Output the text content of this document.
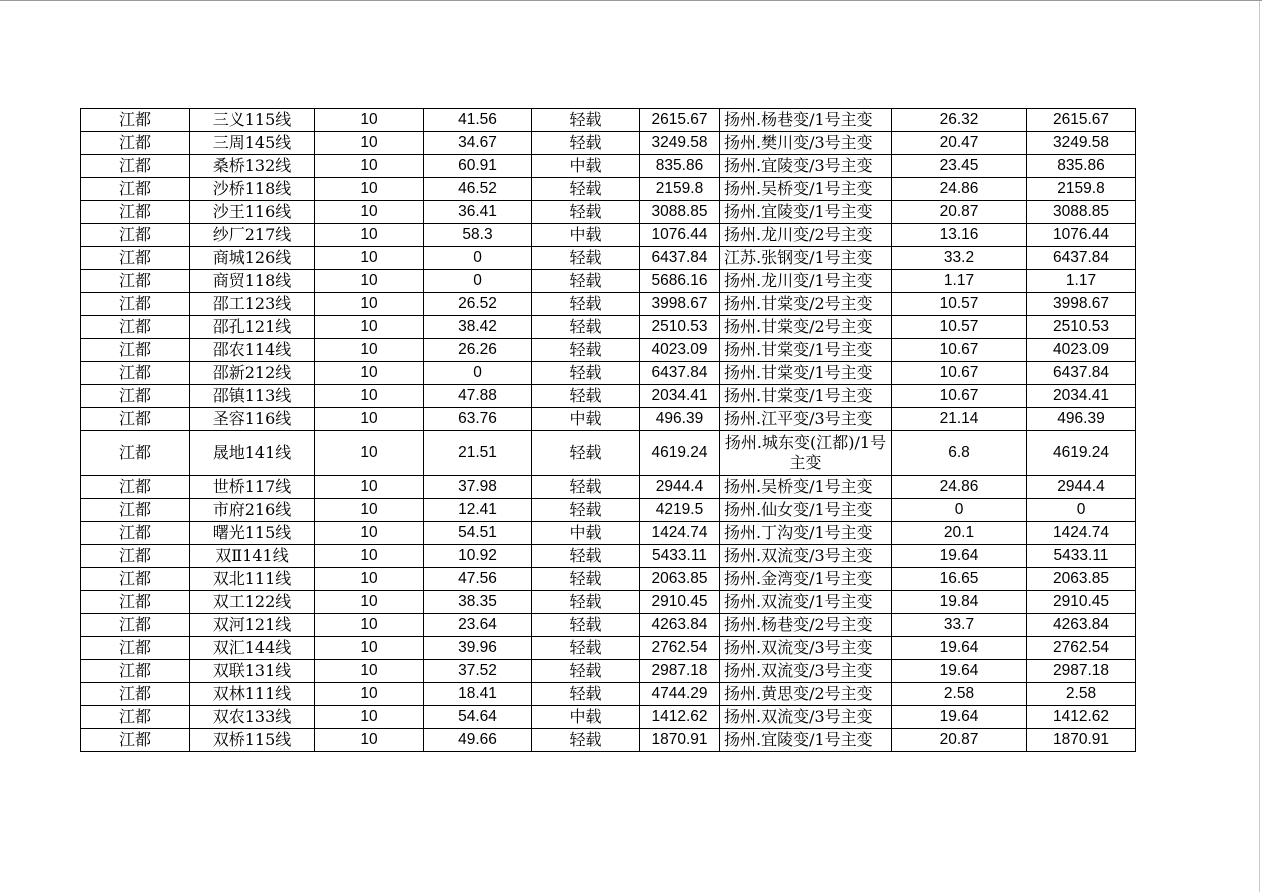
江都	三义115线	10	41.56	轻载	2615.67	扬州.杨巷变/1号主变	26.32	2615.67
江都	三周145线	10	34.67	轻载	3249.58	扬州.樊川变/3号主变	20.47	3249.58
江都	桑桥132线	10	60.91	中载	835.86	扬州.宜陵变/3号主变	23.45	835.86
江都	沙桥118线	10	46.52	轻载	2159.8	扬州.吴桥变/1号主变	24.86	2159.8
江都	沙王116线	10	36.41	轻载	3088.85	扬州.宜陵变/1号主变	20.87	3088.85
江都	纱厂217线	10	58.3	中载	1076.44	扬州.龙川变/2号主变	13.16	1076.44
江都	商城126线	10	0	轻载	6437.84	江苏.张钢变/1号主变	33.2	6437.84
江都	商贸118线	10	0	轻载	5686.16	扬州.龙川变/1号主变	1.17	1.17
江都	邵工123线	10	26.52	轻载	3998.67	扬州.甘棠变/2号主变	10.57	3998.67
江都	邵孔121线	10	38.42	轻载	2510.53	扬州.甘棠变/2号主变	10.57	2510.53
江都	邵农114线	10	26.26	轻载	4023.09	扬州.甘棠变/1号主变	10.67	4023.09
江都	邵新212线	10	0	轻载	6437.84	扬州.甘棠变/1号主变	10.67	6437.84
江都	邵镇113线	10	47.88	轻载	2034.41	扬州.甘棠变/1号主变	10.67	2034.41
江都	圣容116线	10	63.76	中载	496.39	扬州.江平变/3号主变	21.14	496.39
江都	晟地141线	10	21.51	轻载	4619.24	扬州.城东变(江都)/1号主变	6.8	4619.24
江都	世桥117线	10	37.98	轻载	2944.4	扬州.吴桥变/1号主变	24.86	2944.4
江都	市府216线	10	12.41	轻载	4219.5	扬州.仙女变/1号主变	0	0
江都	曙光115线	10	54.51	中载	1424.74	扬州.丁沟变/1号主变	20.1	1424.74
江都	双Ⅱ141线	10	10.92	轻载	5433.11	扬州.双流变/3号主变	19.64	5433.11
江都	双北111线	10	47.56	轻载	2063.85	扬州.金湾变/1号主变	16.65	2063.85
江都	双工122线	10	38.35	轻载	2910.45	扬州.双流变/1号主变	19.84	2910.45
江都	双河121线	10	23.64	轻载	4263.84	扬州.杨巷变/2号主变	33.7	4263.84
江都	双汇144线	10	39.96	轻载	2762.54	扬州.双流变/3号主变	19.64	2762.54
江都	双联131线	10	37.52	轻载	2987.18	扬州.双流变/3号主变	19.64	2987.18
江都	双林111线	10	18.41	轻载	4744.29	扬州.黄思变/2号主变	2.58	2.58
江都	双农133线	10	54.64	中载	1412.62	扬州.双流变/3号主变	19.64	1412.62
江都	双桥115线	10	49.66	轻载	1870.91	扬州.宜陵变/1号主变	20.87	1870.91
